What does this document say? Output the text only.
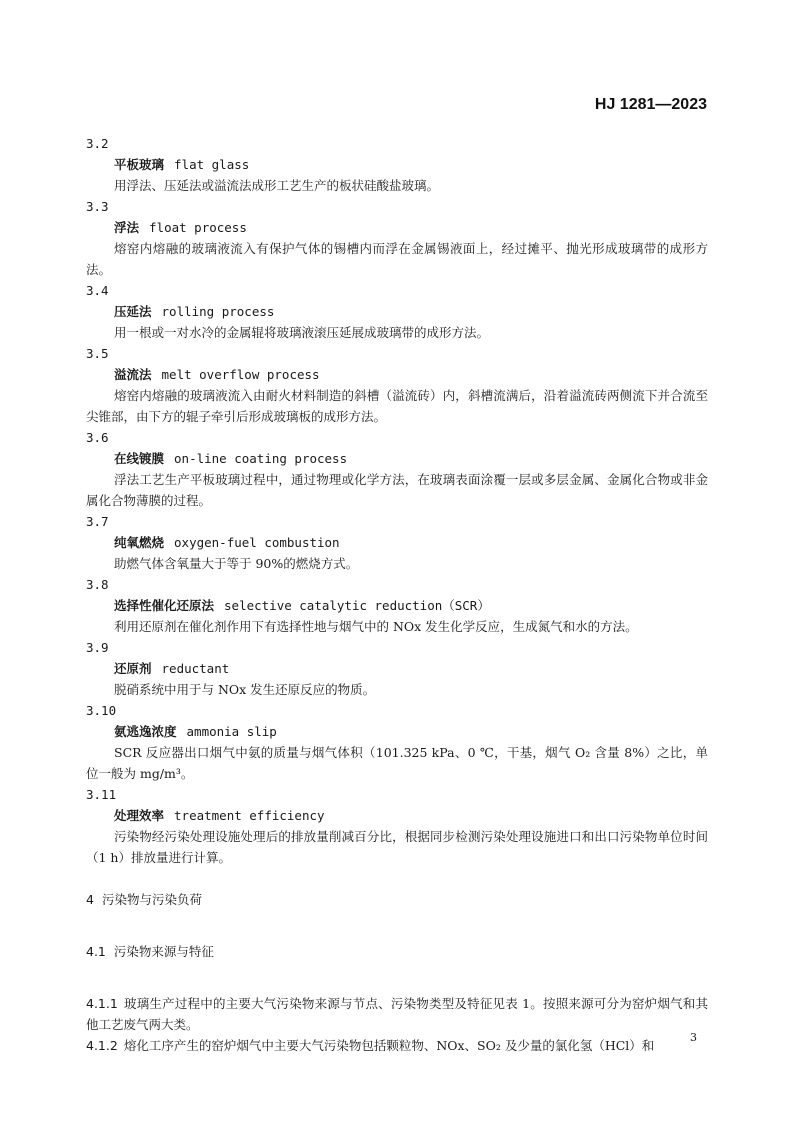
HJ 1281—2023
3.2
平板玻璃 flat glass

用浮法、压延法或溢流法成形工艺生产的板状硅酸盐玻璃。

3.3
浮法 float process

熔窑内熔融的玻璃液流入有保护气体的锡槽内而浮在金属锡液面上，经过摊平、抛光形成玻璃带的成形方法。

3.4
压延法 rolling process

用一根或一对水冷的金属辊将玻璃液滚压延展成玻璃带的成形方法。

3.5
溢流法 melt overflow process

熔窑内熔融的玻璃液流入由耐火材料制造的斜槽（溢流砖）内，斜槽流满后，沿着溢流砖两侧流下并合流至尖锥部，由下方的辊子牵引后形成玻璃板的成形方法。

3.6
在线镀膜 on-line coating process

浮法工艺生产平板玻璃过程中，通过物理或化学方法，在玻璃表面涂覆一层或多层金属、金属化合物或非金属化合物薄膜的过程。

3.7
纯氧燃烧 oxygen-fuel combustion

助燃气体含氧量大于等于 90%的燃烧方式。

3.8
选择性催化还原法 selective catalytic reduction（SCR）

利用还原剂在催化剂作用下有选择性地与烟气中的 NOx 发生化学反应，生成氮气和水的方法。

3.9
还原剂 reductant

脱硝系统中用于与 NOx 发生还原反应的物质。

3.10
氨逃逸浓度 ammonia slip

SCR 反应器出口烟气中氨的质量与烟气体积（101.325 kPa、0 ℃，干基，烟气 O₂ 含量 8%）之比，单位一般为 mg/m³。

3.11
处理效率 treatment efficiency

污染物经污染处理设施处理后的排放量削减百分比，根据同步检测污染处理设施进口和出口污染物单位时间（1 h）排放量进行计算。

4 污染物与污染负荷
4.1 污染物来源与特征

4.1.1 玻璃生产过程中的主要大气污染物来源与节点、污染物类型及特征见表 1。按照来源可分为窑炉烟气和其他工艺废气两大类。

4.1.2 熔化工序产生的窑炉烟气中主要大气污染物包括颗粒物、NOx、SO₂ 及少量的氯化氢（HCl）和

3
